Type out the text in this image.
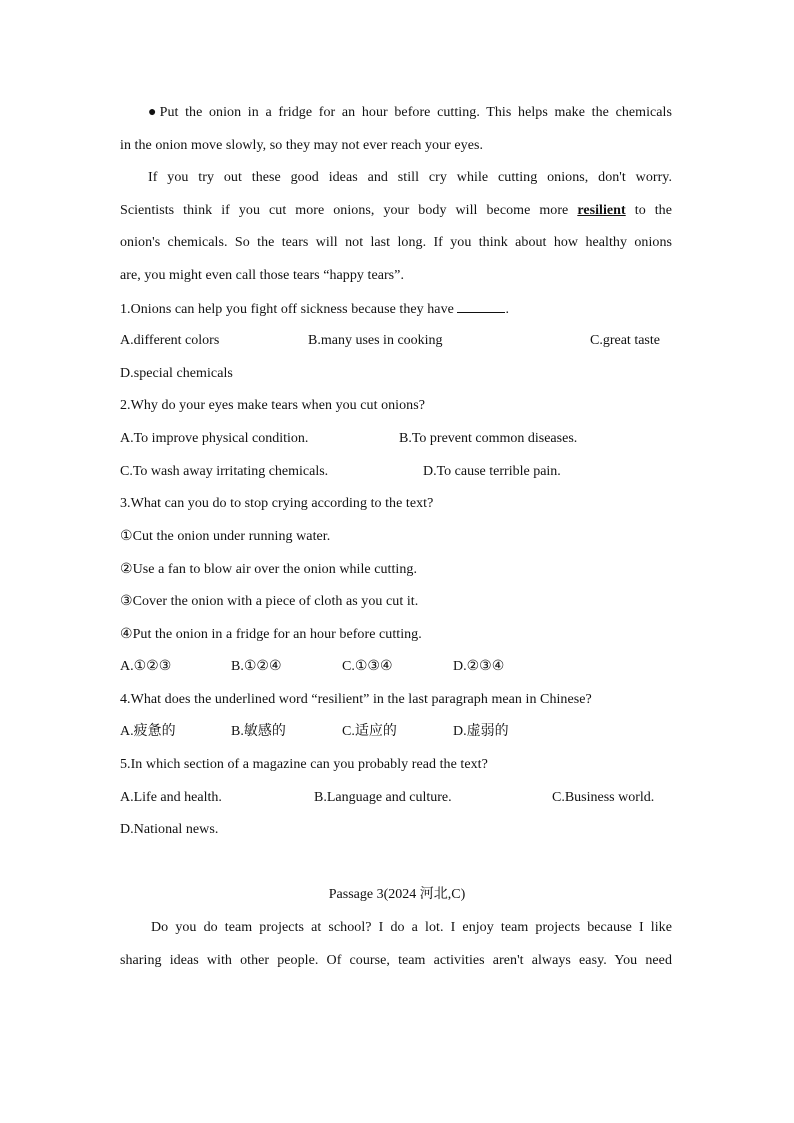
●Put the onion in a fridge for an hour before cutting. This helps make the chemicals
in the onion move slowly, so they may not ever reach your eyes.
If you try out these good ideas and still cry while cutting onions, don't worry.
Scientists think if you cut more onions, your body will become more resilient to the
onion's chemicals. So the tears will not last long. If you think about how healthy onions
are, you might even call those tears “happy tears”.
1.Onions can help you fight off sickness because they have	.
A.different colors	B.many uses in cooking	C.great taste
D.special chemicals
2.Why do your eyes make tears when you cut onions?
A.To improve physical condition.	B.To prevent common diseases.
C.To wash away irritating chemicals.	D.To cause terrible pain.
3.What can you do to stop crying according to the text?
①Cut the onion under running water.
②Use a fan to blow air over the onion while cutting.
③Cover the onion with a piece of cloth as you cut it.
④Put the onion in a fridge for an hour before cutting.
A.①②③	B.①②④	C.①③④	D.②③④
4.What does the underlined word “resilient” in the last paragraph mean in Chinese?
A.疲惫的	B.敏感的	C.适应的	D.虚弱的
5.In which section of a magazine can you probably read the text?
A.Life and health.	B.Language and culture.	C.Business world.
D.National news.
Passage 3(2024 河北,C)
Do you do team projects at school? I do a lot. I enjoy team projects because I like
sharing ideas with other people. Of course, team activities aren't always easy. You need
